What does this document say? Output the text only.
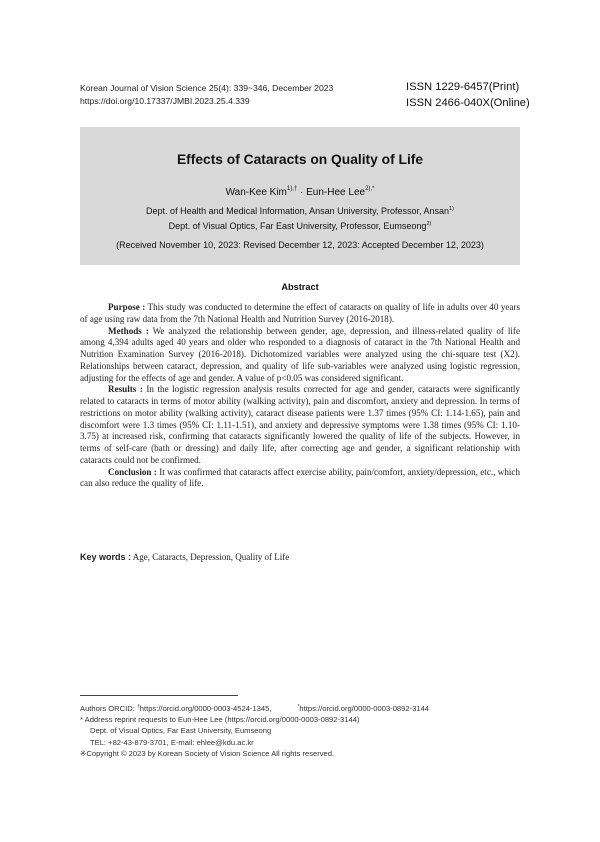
Korean Journal of Vision Science 25(4): 339~346, December 2023
https://doi.org/10.17337/JMBI.2023.25.4.339
ISSN 1229-6457(Print)
ISSN 2466-040X(Online)
Effects of Cataracts on Quality of Life
Wan-Kee Kim$^{1),\dagger}$ · Eun-Hee Lee$^{2),*}$
Dept. of Health and Medical Information, Ansan University, Professor, Ansan$^{1)}$
Dept. of Visual Optics, Far East University, Professor, Eumseong$^{2)}$
(Received November 10, 2023: Revised December 12, 2023: Accepted December 12, 2023)
Abstract

Purpose : This study was conducted to determine the effect of cataracts on quality of life in adults over 40 years of age using raw data from the 7th National Health and Nutrition Survey (2016-2018).

Methods : We analyzed the relationship between gender, age, depression, and illness-related quality of life among 4,394 adults aged 40 years and older who responded to a diagnosis of cataract in the 7th National Health and Nutrition Examination Survey (2016-2018). Dichotomized variables were analyzed using the chi-square test (X2). Relationships between cataract, depression, and quality of life sub-variables were analyzed using logistic regression, adjusting for the effects of age and gender. A value of p<0.05 was considered significant.

Results : In the logistic regression analysis results corrected for age and gender, cataracts were significantly related to cataracts in terms of motor ability (walking activity), pain and discomfort, anxiety and depression. In terms of restrictions on motor ability (walking activity), cataract disease patients were 1.37 times (95% CI: 1.14-1.65), pain and discomfort were 1.3 times (95% CI: 1.11-1.51), and anxiety and depressive symptoms were 1.38 times (95% CI: 1.10-3.75) at increased risk, confirming that cataracts significantly lowered the quality of life of the subjects. However, in terms of self-care (bath or dressing) and daily life, after correcting age and gender, a significant relationship with cataracts could not be confirmed.

Conclusion : It was confirmed that cataracts affect exercise ability, pain/comfort, anxiety/depression, etc., which can also reduce the quality of life.

Key words : Age, Cataracts, Depression, Quality of Life
Authors ORCID: †https://orcid.org/0000-0003-4524-1345,	*https://orcid.org/0000-0003-0892-3144
* Address reprint requests to Eun-Hee Lee (https://orcid.org/0000-0003-0892-3144)
Dept. of Visual Optics, Far East University, Eumseong
TEL: +82-43-879-3701, E-mail: ehlee@kdu.ac.kr
※Copyright © 2023 by Korean Society of Vision Science All rights reserved.
